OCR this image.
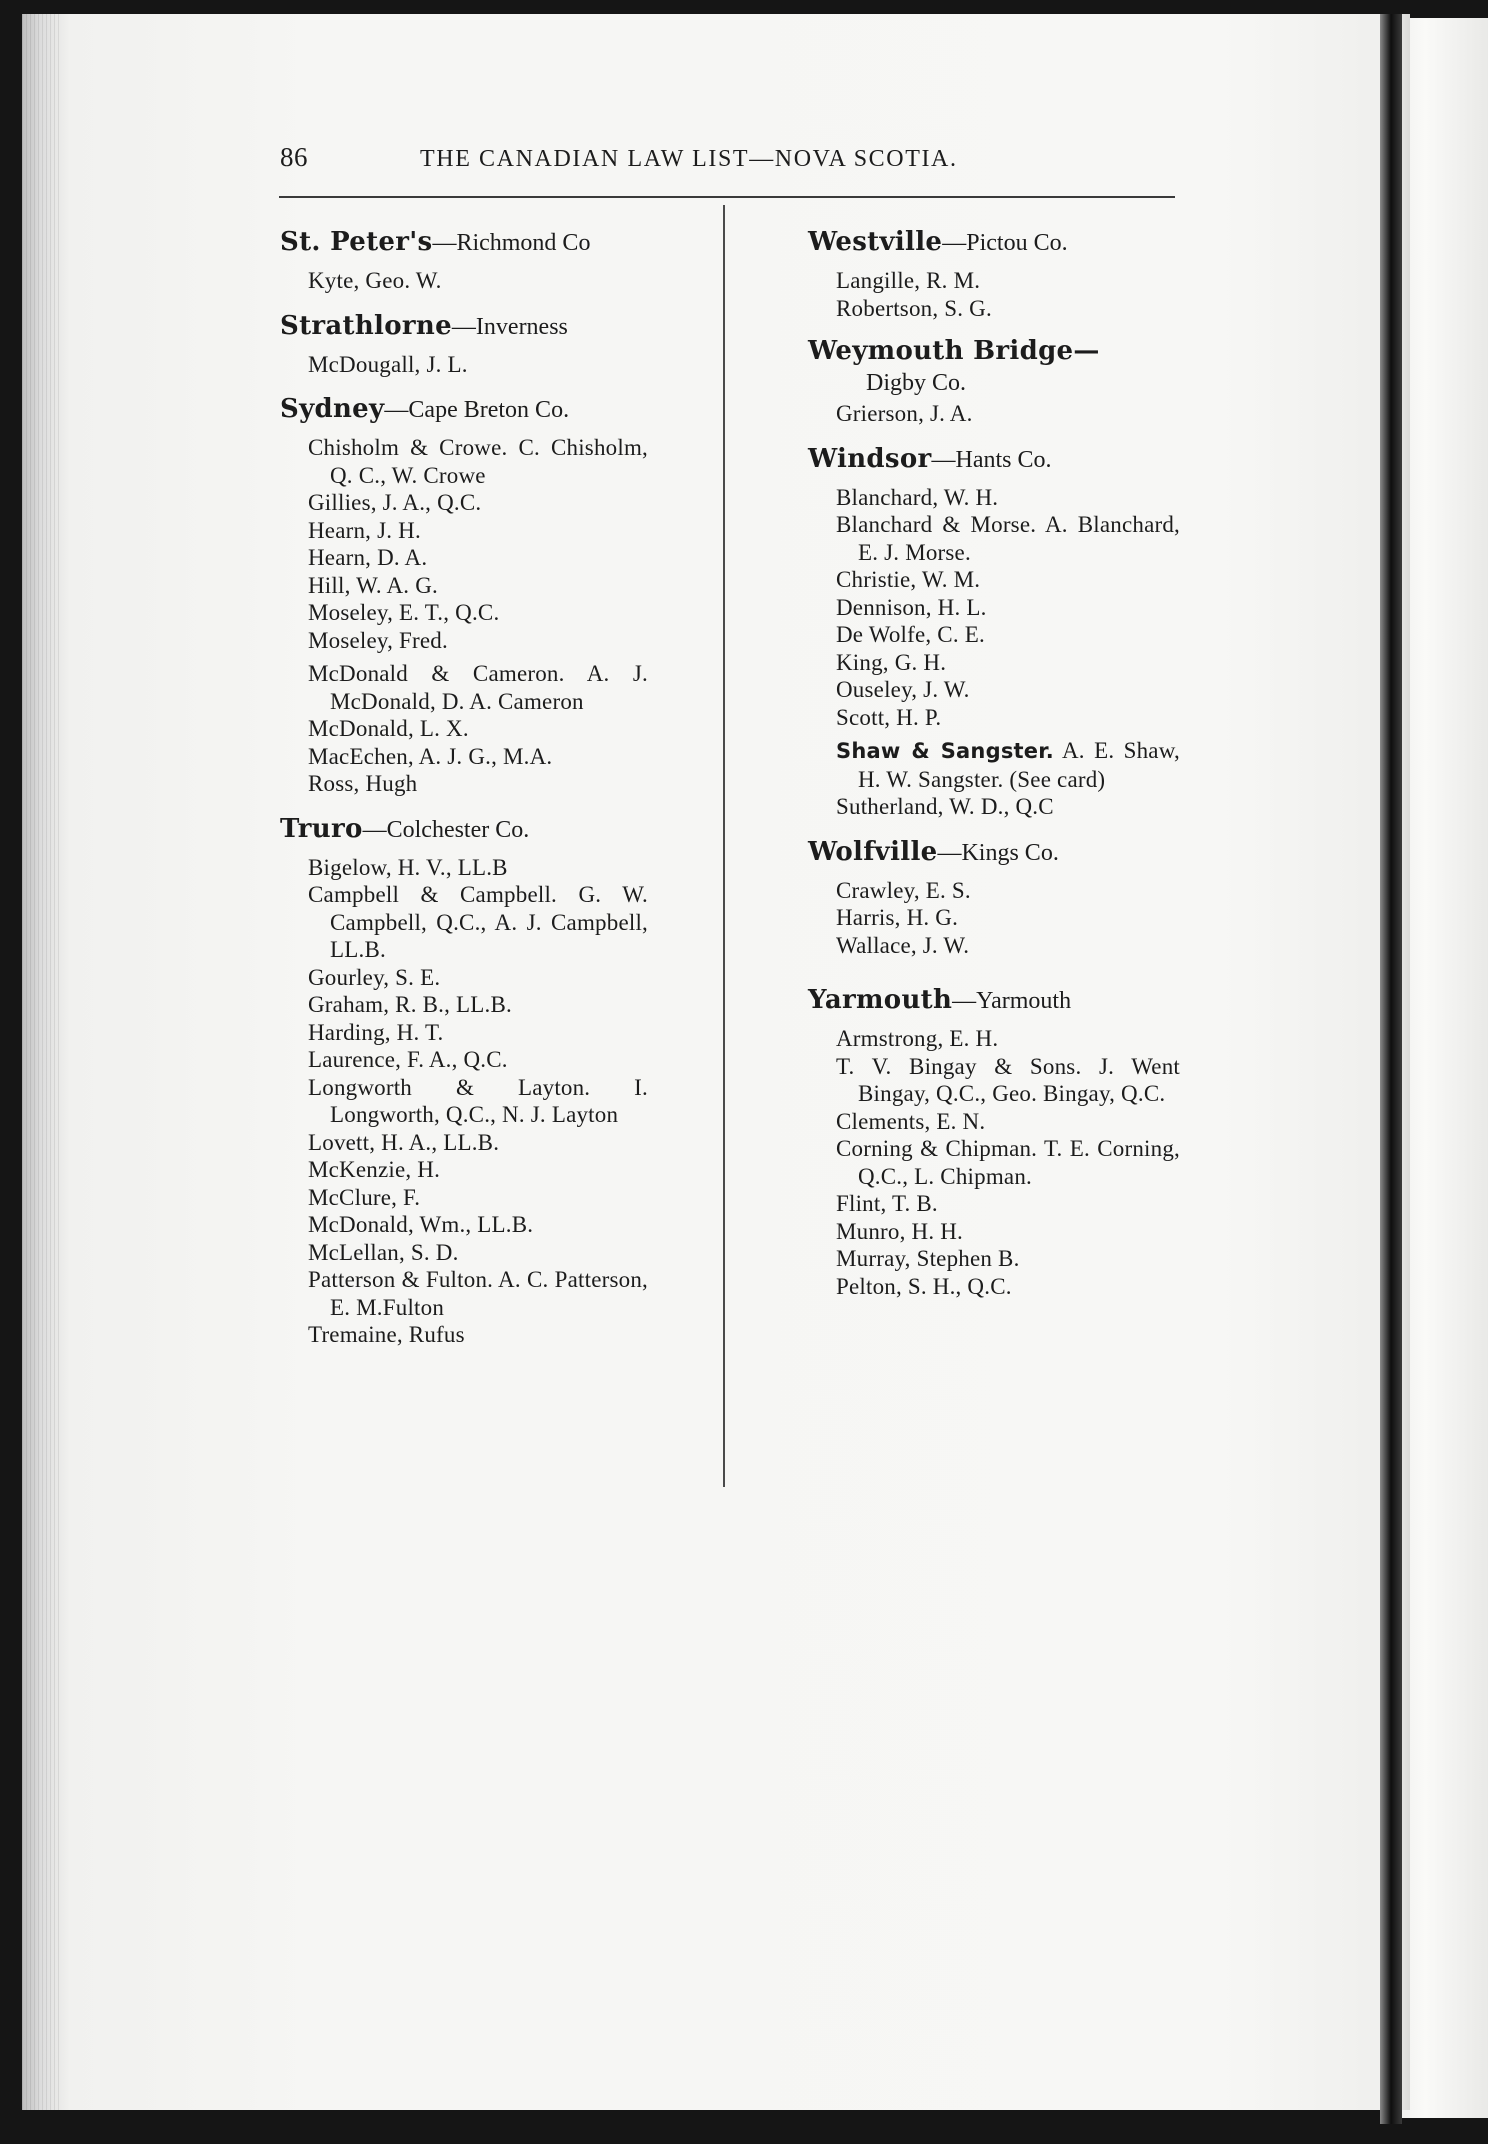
86	THE CANADIAN LAW LIST—NOVA SCOTIA.
St. Peter's—Richmond Co
Kyte, Geo. W.
Strathlorne—Inverness
McDougall, J. L.
Sydney—Cape Breton Co.
Chisholm & Crowe. C. Chisholm, Q. C., W. Crowe
Gillies, J. A., Q.C.
Hearn, J. H.
Hearn, D. A.
Hill, W. A. G.
Moseley, E. T., Q.C.
Moseley, Fred.
McDonald & Cameron. A. J. McDonald, D. A. Cameron
McDonald, L. X.
MacEchen, A. J. G., M.A.
Ross, Hugh
Truro—Colchester Co.
Bigelow, H. V., LL.B
Campbell & Campbell. G. W. Campbell, Q.C., A. J. Campbell, LL.B.
Gourley, S. E.
Graham, R. B., LL.B.
Harding, H. T.
Laurence, F. A., Q.C.
Longworth & Layton. I. Longworth, Q.C., N. J. Layton
Lovett, H. A., LL.B.
McKenzie, H.
McClure, F.
McDonald, Wm., LL.B.
McLellan, S. D.
Patterson & Fulton. A. C. Patterson, E. M.Fulton
Tremaine, Rufus
Westville—Pictou Co.
Langille, R. M.
Robertson, S. G.
Weymouth Bridge—
Digby Co.
Grierson, J. A.
Windsor—Hants Co.
Blanchard, W. H.
Blanchard & Morse. A. Blanchard, E. J. Morse.
Christie, W. M.
Dennison, H. L.
De Wolfe, C. E.
King, G. H.
Ouseley, J. W.
Scott, H. P.
Shaw & Sangster. A. E. Shaw, H. W. Sangster. (See card)
Sutherland, W. D., Q.C
Wolfville—Kings Co.
Crawley, E. S.
Harris, H. G.
Wallace, J. W.
Yarmouth—Yarmouth
Armstrong, E. H.
T. V. Bingay & Sons. J. Went Bingay, Q.C., Geo. Bingay, Q.C.
Clements, E. N.
Corning & Chipman. T. E. Corning, Q.C., L. Chipman.
Flint, T. B.
Munro, H. H.
Murray, Stephen B.
Pelton, S. H., Q.C.
